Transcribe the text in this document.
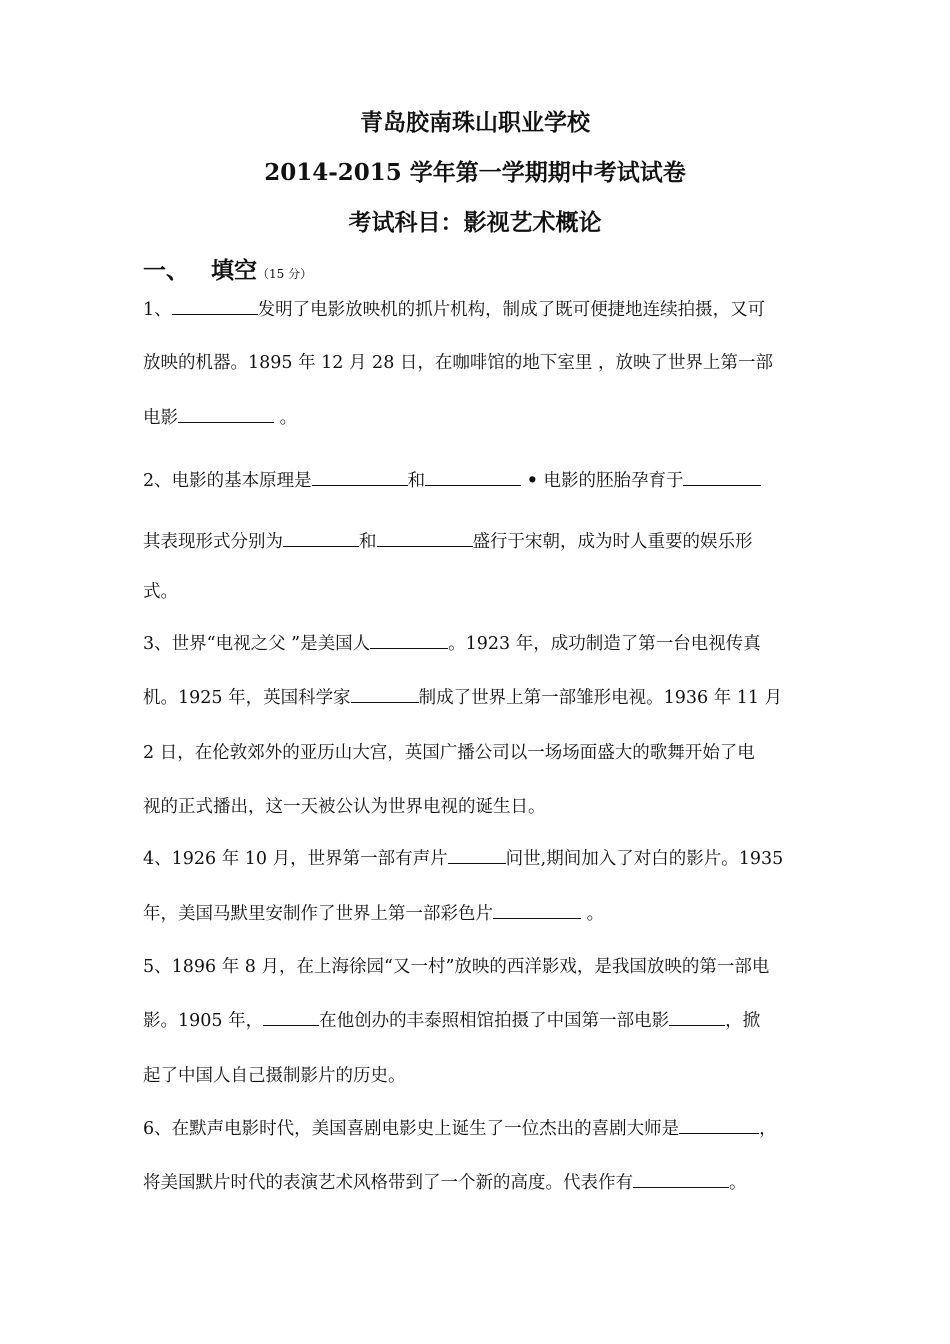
青岛胶南珠山职业学校
2014-2015 学年第一学期期中考试试卷
考试科目：影视艺术概论
一、 填空（15 分）
1、	发明了电影放映机的抓片机构，制成了既可便捷地连续拍摄，又可
放映的机器。1895 年 12 月 28 日，在咖啡馆的地下室里 ，放映了世界上第一部
电影	。
2、电影的基本原理是	和	• 电影的胚胎孕育于
其表现形式分别为	和	盛行于宋朝，成为时人重要的娱乐形
式。
3、世界“电视之父 ”是美国人	。1923 年，成功制造了第一台电视传真
机。1925 年，英国科学家	制成了世界上第一部雏形电视。1936 年 11 月
2 日，在伦敦郊外的亚历山大宫，英国广播公司以一场场面盛大的歌舞开始了电
视的正式播出，这一天被公认为世界电视的诞生日。
4、1926 年 10 月，世界第一部有声片	问世,期间加入了对白的影片。1935
年，美国马默里安制作了世界上第一部彩色片	。
5、1896 年 8 月，在上海徐园“又一村”放映的西洋影戏，是我国放映的第一部电
影。1905 年，	在他创办的丰泰照相馆拍摄了中国第一部电影	，掀
起了中国人自己摄制影片的历史。
6、在默声电影时代，美国喜剧电影史上诞生了一位杰出的喜剧大师是	，
将美国默片时代的表演艺术风格带到了一个新的高度。代表作有	。
